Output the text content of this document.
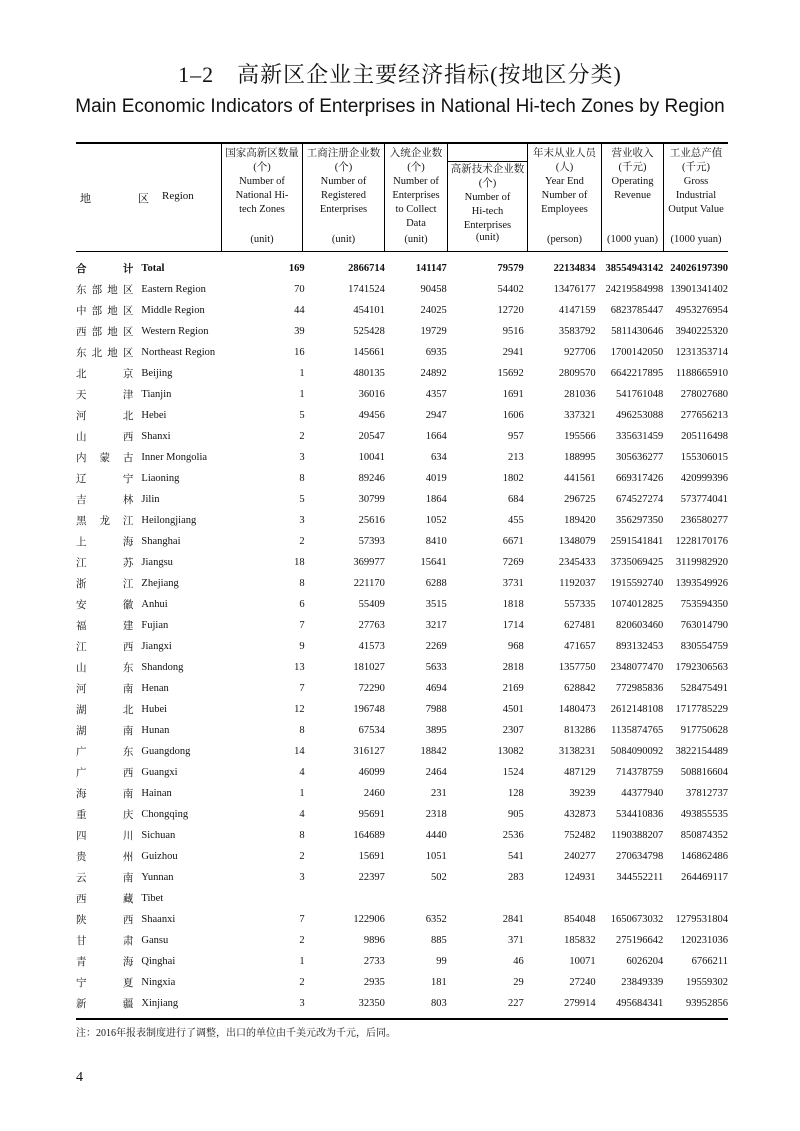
1–2　高新区企业主要经济指标(按地区分类)
Main Economic Indicators of Enterprises in National Hi-tech Zones by Region
地　区
Region
国家高新区数量
(个)
Number of National Hi-tech Zones
(unit)
工商注册企业数
(个)
Number of Registered Enterprises
(unit)
入统企业数
(个)
Number of Enterprises to Collect Data
(unit)
高新技术企业数
(个)
Number of Hi-tech Enterprises
(unit)
年末从业人员
(人)
Year End Number of Employees
(person)
营业收入
(千元)
Operating Revenue
(1000 yuan)
工业总产值
(千元)
Gross Industrial Output Value
(1000 yuan)
合计	Total	169	2866714	141147	79579	22134834	38554943142	24026197390
东部地区	Eastern Region	70	1741524	90458	54402	13476177	24219584998	13901341402
中部地区	Middle Region	44	454101	24025	12720	4147159	6823785447	4953276954
西部地区	Western Region	39	525428	19729	9516	3583792	5811430646	3940225320
东北地区	Northeast Region	16	145661	6935	2941	927706	1700142050	1231353714
北京	Beijing	1	480135	24892	15692	2809570	6642217895	1188665910
天津	Tianjin	1	36016	4357	1691	281036	541761048	278027680
河北	Hebei	5	49456	2947	1606	337321	496253088	277656213
山西	Shanxi	2	20547	1664	957	195566	335631459	205116498
内蒙古	Inner Mongolia	3	10041	634	213	188995	305636277	155306015
辽宁	Liaoning	8	89246	4019	1802	441561	669317426	420999396
吉林	Jilin	5	30799	1864	684	296725	674527274	573774041
黑龙江	Heilongjiang	3	25616	1052	455	189420	356297350	236580277
上海	Shanghai	2	57393	8410	6671	1348079	2591541841	1228170176
江苏	Jiangsu	18	369977	15641	7269	2345433	3735069425	3119982920
浙江	Zhejiang	8	221170	6288	3731	1192037	1915592740	1393549926
安徽	Anhui	6	55409	3515	1818	557335	1074012825	753594350
福建	Fujian	7	27763	3217	1714	627481	820603460	763014790
江西	Jiangxi	9	41573	2269	968	471657	893132453	830554759
山东	Shandong	13	181027	5633	2818	1357750	2348077470	1792306563
河南	Henan	7	72290	4694	2169	628842	772985836	528475491
湖北	Hubei	12	196748	7988	4501	1480473	2612148108	1717785229
湖南	Hunan	8	67534	3895	2307	813286	1135874765	917750628
广东	Guangdong	14	316127	18842	13082	3138231	5084090092	3822154489
广西	Guangxi	4	46099	2464	1524	487129	714378759	508816604
海南	Hainan	1	2460	231	128	39239	44377940	37812737
重庆	Chongqing	4	95691	2318	905	432873	534410836	493855535
四川	Sichuan	8	164689	4440	2536	752482	1190388207	850874352
贵州	Guizhou	2	15691	1051	541	240277	270634798	146862486
云南	Yunnan	3	22397	502	283	124931	344552211	264469117
西藏	Tibet							
陕西	Shaanxi	7	122906	6352	2841	854048	1650673032	1279531804
甘肃	Gansu	2	9896	885	371	185832	275196642	120231036
青海	Qinghai	1	2733	99	46	10071	6026204	6766211
宁夏	Ningxia	2	2935	181	29	27240	23849339	19559302
新疆	Xinjiang	3	32350	803	227	279914	495684341	93952856
注：2016年报表制度进行了调整，出口的单位由千美元改为千元，后同。
4
